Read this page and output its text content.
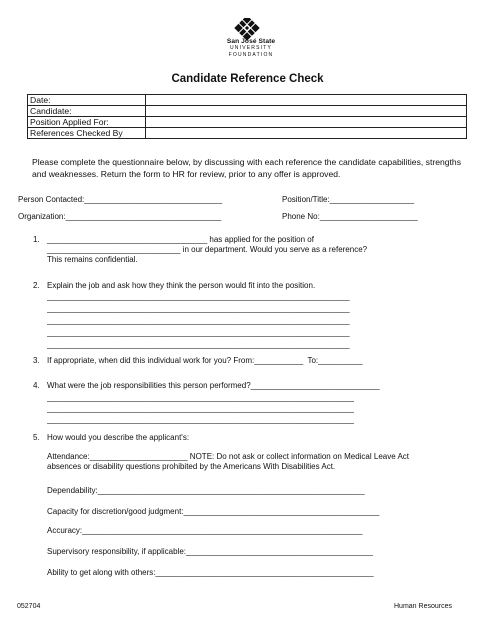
San José State
UNIVERSITY
FOUNDATION
Candidate Reference Check
Date:	
Candidate:	
Position Applied For:	
References Checked By	
Please complete the questionnaire below, by discussing with each reference the candidate capabilities, strengths and weaknesses. Return the form to HR for review, prior to any offer is approved.
Person Contacted:_______________________________	Position/Title:___________________
Organization:___________________________________	Phone No:______________________
1. ____________________________________ has applied for the position of
______________________________ in our department. Would you serve as a reference?
This remains confidential.
2. Explain the job and ask how they think the person would fit into the position.
____________________________________________________________________
____________________________________________________________________
____________________________________________________________________
____________________________________________________________________
____________________________________________________________________
3. If appropriate, when did this individual work for you? From:___________  To:__________
4. What were the job responsibilities this person performed?_____________________________
_____________________________________________________________________
_____________________________________________________________________
_____________________________________________________________________
5. How would you describe the applicant's:
Attendance:______________________ NOTE: Do not ask or collect information on Medical Leave Act
absences or disability questions prohibited by the Americans With Disabilities Act.
Dependability:____________________________________________________________
Capacity for discretion/good judgment:____________________________________________
Accuracy:_______________________________________________________________
Supervisory responsibility, if applicable:__________________________________________
Ability to get along with others:_________________________________________________
052704	Human Resources
